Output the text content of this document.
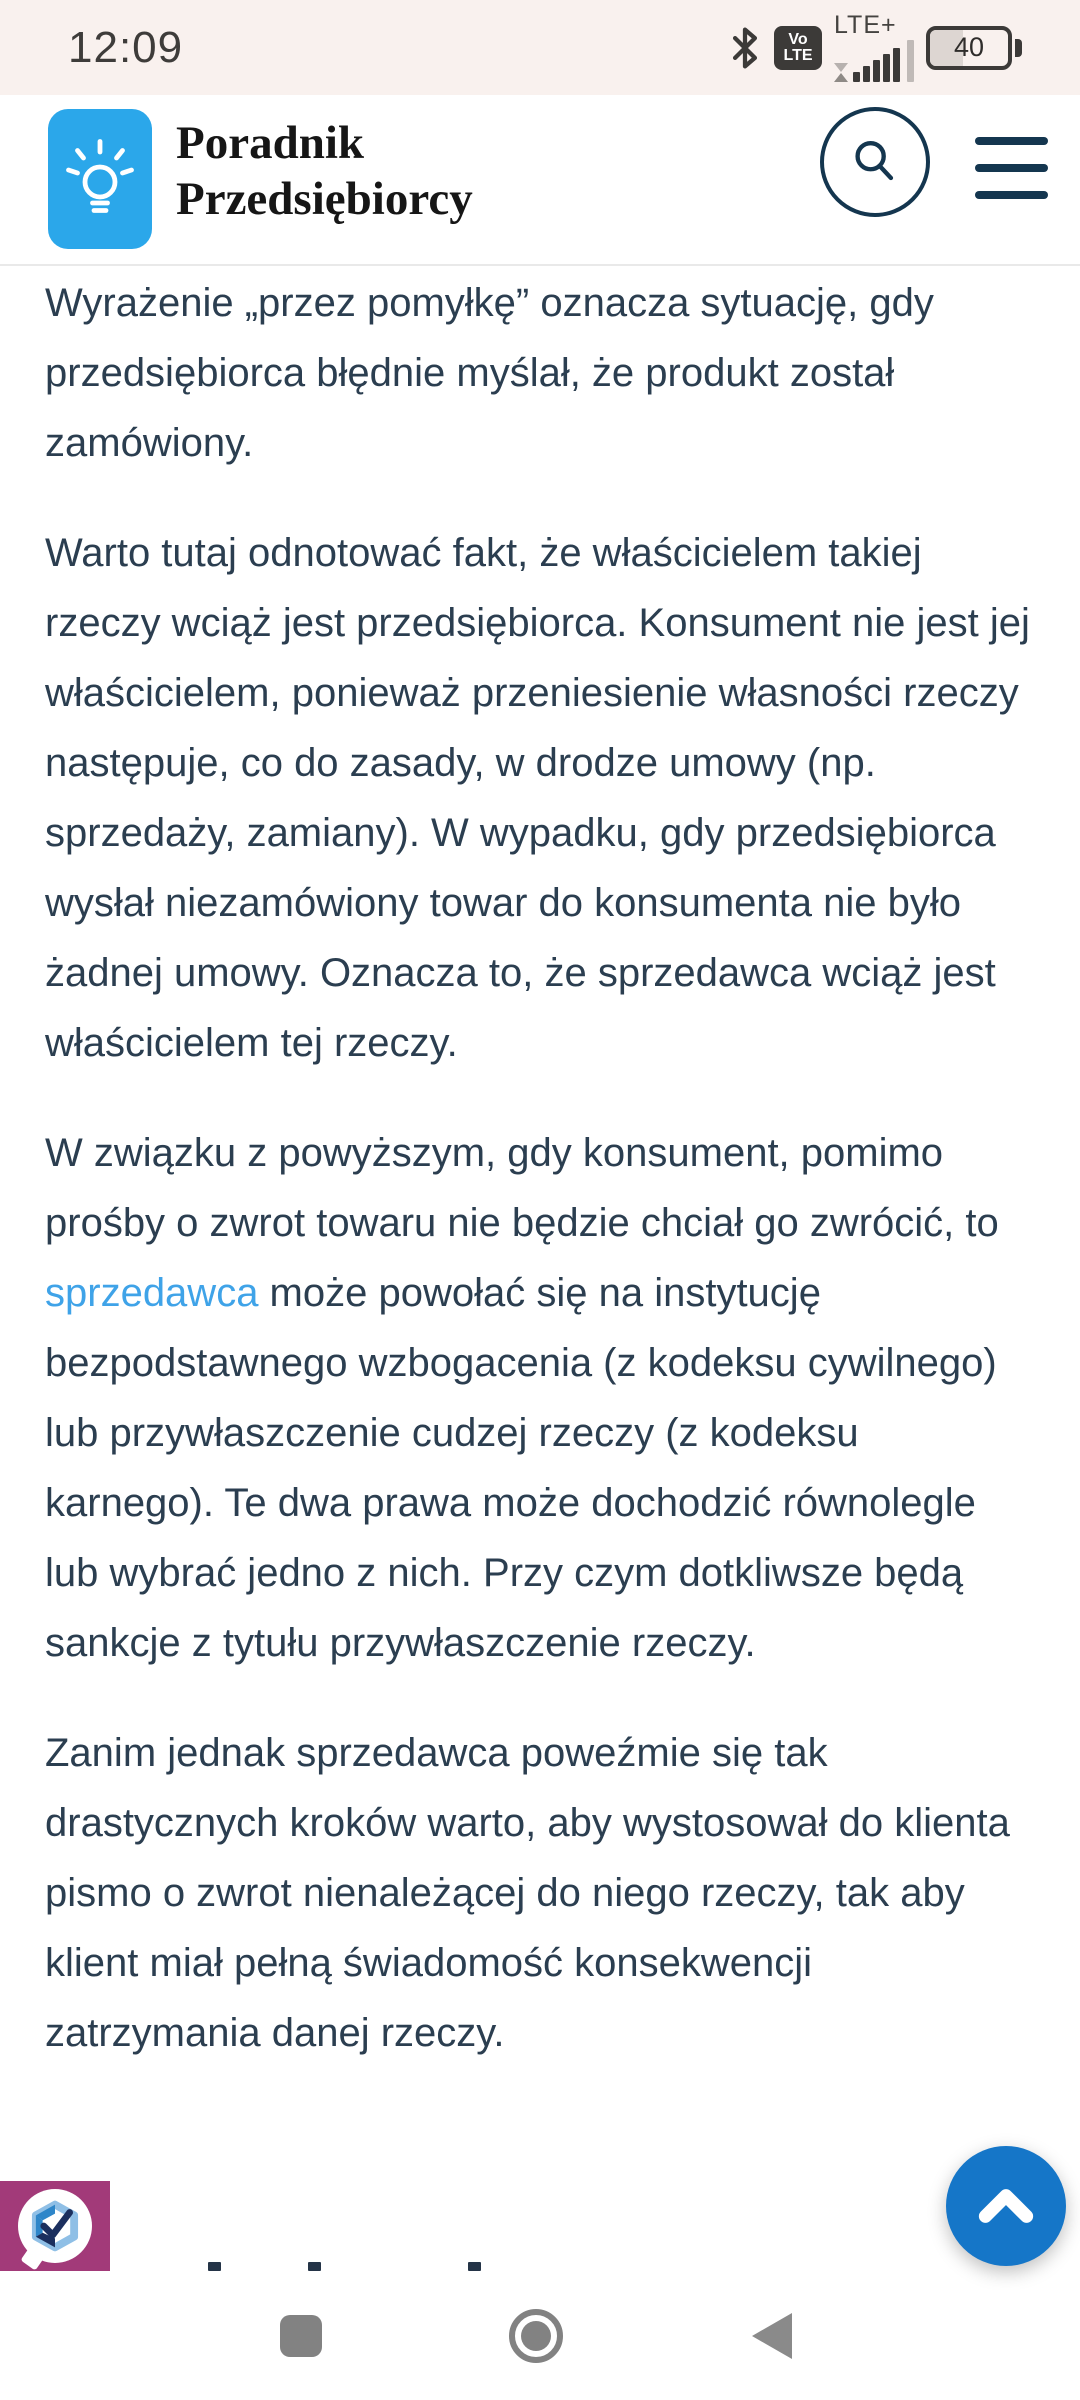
12:09	Vo
LTE
LTE+
40
Poradnik
Przedsiębiorcy

Wyrażenie „przez pomyłkę” oznacza sytuację, gdy przedsiębiorca błędnie myślał, że produkt został zamówiony.

Warto tutaj odnotować fakt, że właścicielem takiej rzeczy wciąż jest przedsiębiorca. Konsument nie jest jej właścicielem, ponieważ przeniesienie własności rzeczy następuje, co do zasady, w drodze umowy (np. sprzedaży, zamiany). W wypadku, gdy przedsiębiorca wysłał niezamówiony towar do konsumenta nie było żadnej umowy. Oznacza to, że sprzedawca wciąż jest właścicielem tej rzeczy.

W związku z powyższym, gdy konsument, pomimo prośby o zwrot towaru nie będzie chciał go zwrócić, to sprzedawca może powołać się na instytucję bezpodstawnego wzbogacenia (z kodeksu cywilnego) lub przywłaszczenie cudzej rzeczy (z kodeksu karnego). Te dwa prawa może dochodzić równolegle lub wybrać jedno z nich. Przy czym dotkliwsze będą sankcje z tytułu przywłaszczenie rzeczy.

Zanim jednak sprzedawca poweźmie się tak drastycznych kroków warto, aby wystosował do klienta pismo o zwrot nienależącej do niego rzeczy, tak aby klient miał pełną świadomość konsekwencji zatrzymania danej rzeczy.
